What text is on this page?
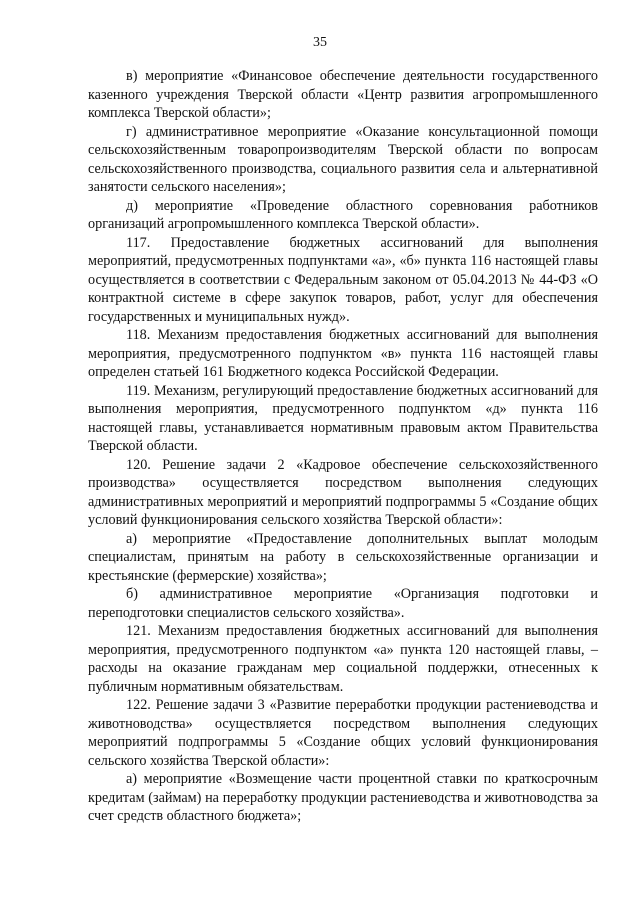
35

в) мероприятие «Финансовое обеспечение деятельности государственного казенного учреждения Тверской области «Центр развития агропромышленного комплекса Тверской области»;

г) административное мероприятие «Оказание консультационной помощи сельскохозяйственным товаропроизводителям Тверской области по вопросам сельскохозяйственного производства, социального развития села и альтернативной занятости сельского населения»;

д) мероприятие «Проведение областного соревнования работников организаций агропромышленного комплекса Тверской области».

117. Предоставление бюджетных ассигнований для выполнения мероприятий, предусмотренных подпунктами «а», «б» пункта 116 настоящей главы осуществляется в соответствии с Федеральным законом от 05.04.2013 № 44-ФЗ «О контрактной системе в сфере закупок товаров, работ, услуг для обеспечения государственных и муниципальных нужд».

118. Механизм предоставления бюджетных ассигнований для выполнения мероприятия, предусмотренного подпунктом «в» пункта 116 настоящей главы определен статьей 161 Бюджетного кодекса Российской Федерации.

119. Механизм, регулирующий предоставление бюджетных ассигнований для выполнения мероприятия, предусмотренного подпунктом «д» пункта 116 настоящей главы, устанавливается нормативным правовым актом Правительства Тверской области.

120. Решение задачи 2 «Кадровое обеспечение сельскохозяйственного производства» осуществляется посредством выполнения следующих административных мероприятий и мероприятий подпрограммы 5 «Создание общих условий функционирования сельского хозяйства Тверской области»:

а) мероприятие «Предоставление дополнительных выплат молодым специалистам, принятым на работу в сельскохозяйственные организации и крестьянские (фермерские) хозяйства»;

б) административное мероприятие «Организация подготовки и переподготовки специалистов сельского хозяйства».

121. Механизм предоставления бюджетных ассигнований для выполнения мероприятия, предусмотренного подпунктом «а» пункта 120 настоящей главы, – расходы на оказание гражданам мер социальной поддержки, отнесенных к публичным нормативным обязательствам.

122. Решение задачи 3 «Развитие переработки продукции растениеводства и животноводства» осуществляется посредством выполнения следующих мероприятий подпрограммы 5 «Создание общих условий функционирования сельского хозяйства Тверской области»:

а) мероприятие «Возмещение части процентной ставки по краткосрочным кредитам (займам) на переработку продукции растениеводства и животноводства за счет средств областного бюджета»;
